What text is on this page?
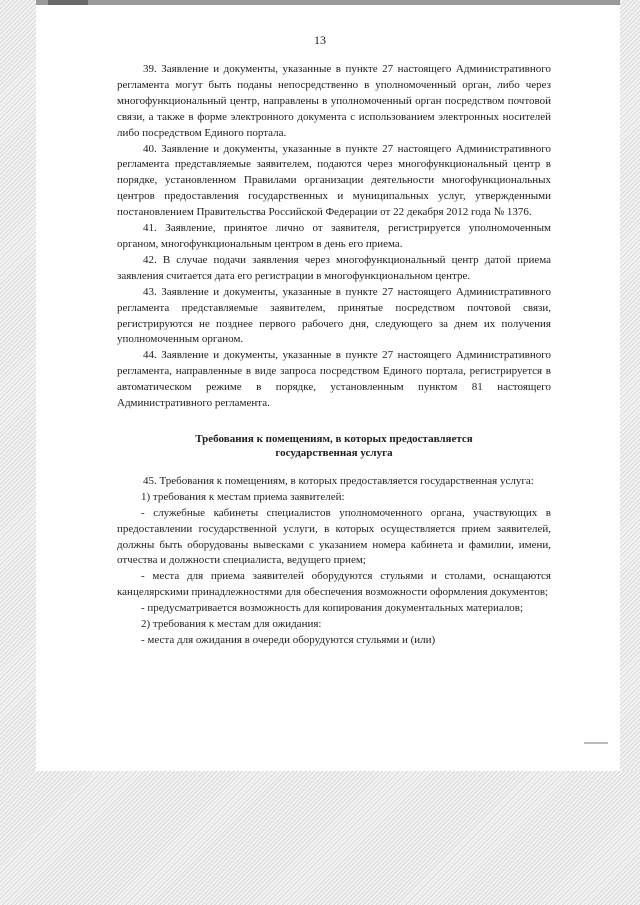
13

39. Заявление и документы, указанные в пункте 27 настоящего Административного регламента могут быть поданы непосредственно в уполномоченный орган, либо через многофункциональный центр, направлены в уполномоченный орган посредством почтовой связи, а также в форме электронного документа с использованием электронных носителей либо посредством Единого портала.

40. Заявление и документы, указанные в пункте 27 настоящего Административного регламента представляемые заявителем, подаются через многофункциональный центр в порядке, установленном Правилами организации деятельности многофункциональных центров предоставления государственных и муниципальных услуг, утвержденными постановлением Правительства Российской Федерации от 22 декабря 2012 года № 1376.

41. Заявление, принятое лично от заявителя, регистрируется уполномоченным органом, многофункциональным центром в день его приема.

42. В случае подачи заявления через многофункциональный центр датой приема заявления считается дата его регистрации в многофункциональном центре.

43. Заявление и документы, указанные в пункте 27 настоящего Административного регламента представляемые заявителем, принятые посредством почтовой связи, регистрируются не позднее первого рабочего дня, следующего за днем их получения уполномоченным органом.

44. Заявление и документы, указанные в пункте 27 настоящего Административного регламента, направленные в виде запроса посредством Единого портала, регистрируется в автоматическом режиме в порядке, установленным пунктом 81 настоящего Административного регламента.

Требования к помещениям, в которых предоставляется
государственная услуга

45. Требования к помещениям, в которых предоставляется государственная услуга:

1) требования к местам приема заявителей:

- служебные кабинеты специалистов уполномоченного органа, участвующих в предоставлении государственной услуги, в которых осуществляется прием заявителей, должны быть оборудованы вывесками с указанием номера кабинета и фамилии, имени, отчества и должности специалиста, ведущего прием;

- места для приема заявителей оборудуются стульями и столами, оснащаются канцелярскими принадлежностями для обеспечения возможности оформления документов;

- предусматривается возможность для копирования документальных материалов;

2) требования к местам для ожидания:

- места для ожидания в очереди оборудуются стульями и (или)
